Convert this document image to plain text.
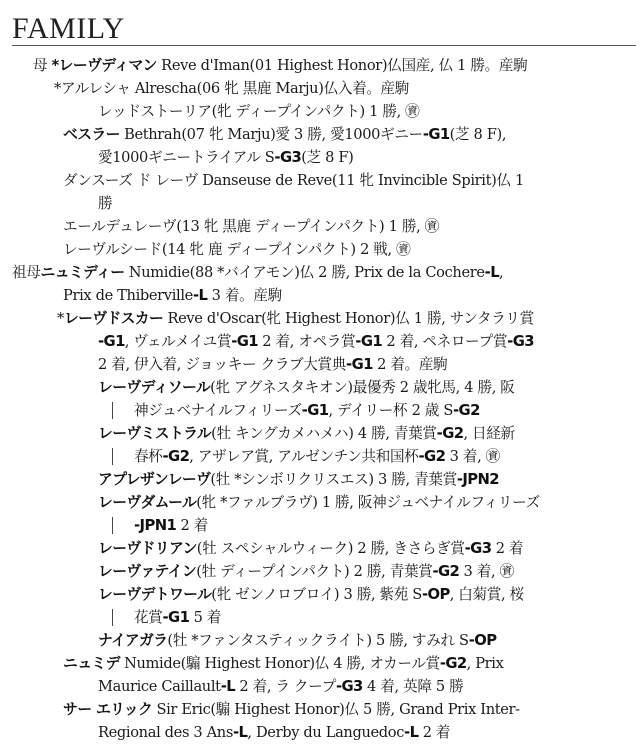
FAMILY
母 *レーヴディマン Reve d'Iman(01 Highest Honor)仏国産, 仏 1 勝。産駒
*アルレシャ Alrescha(06 牝 黒鹿 Marju)仏入着。産駒
レッドストーリア(牝 ディープインパクト) 1 勝, ㊮
ベスラー Bethrah(07 牝 Marju)愛 3 勝, 愛1000ギニー-G1(芝 8 F),
愛1000ギニートライアル S-G3(芝 8 F)
ダンスーズ ド レーヴ Danseuse de Reve(11 牝 Invincible Spirit)仏 1
勝
エールデュレーヴ(13 牝 黒鹿 ディープインパクト) 1 勝, ㊮
レーヴルシード(14 牝 鹿 ディープインパクト) 2 戦, ㊮
祖母ニュミディー Numidie(88 *バイアモン)仏 2 勝, Prix de la Cochere-L,
Prix de Thiberville-L 3 着。産駒
*レーヴドスカー Reve d'Oscar(牝 Highest Honor)仏 1 勝, サンタラリ賞
-G1, ヴェルメイユ賞-G1 2 着, オペラ賞-G1 2 着, ペネロープ賞-G3
2 着, 伊入着, ジョッキー クラブ大賞典-G1 2 着。産駒
レーヴディソール(牝 アグネスタキオン)最優秀 2 歳牝馬, 4 勝, 阪
神ジュベナイルフィリーズ-G1, デイリー杯 2 歳 S-G2
レーヴミストラル(牡 キングカメハメハ) 4 勝, 青葉賞-G2, 日経新
春杯-G2, アザレア賞, アルゼンチン共和国杯-G2 3 着, ㊮
アプレザンレーヴ(牡 *シンボリクリスエス) 3 勝, 青葉賞-JPN2
レーヴダムール(牝 *ファルブラヴ) 1 勝, 阪神ジュベナイルフィリーズ
-JPN1 2 着
レーヴドリアン(牡 スペシャルウィーク) 2 勝, きさらぎ賞-G3 2 着
レーヴァテイン(牡 ディープインパクト) 2 勝, 青葉賞-G2 3 着, ㊮
レーヴデトワール(牝 ゼンノロブロイ) 3 勝, 紫苑 S-OP, 白菊賞, 桜
花賞-G1 5 着
ナイアガラ(牡 *ファンタスティックライト) 5 勝, すみれ S-OP
ニュミデ Numide(騸 Highest Honor)仏 4 勝, オカール賞-G2, Prix
Maurice Caillault-L 2 着, ラ クープ-G3 4 着, 英障 5 勝
サー エリック Sir Eric(騸 Highest Honor)仏 5 勝, Grand Prix Inter-
Regional des 3 Ans-L, Derby du Languedoc-L 2 着
